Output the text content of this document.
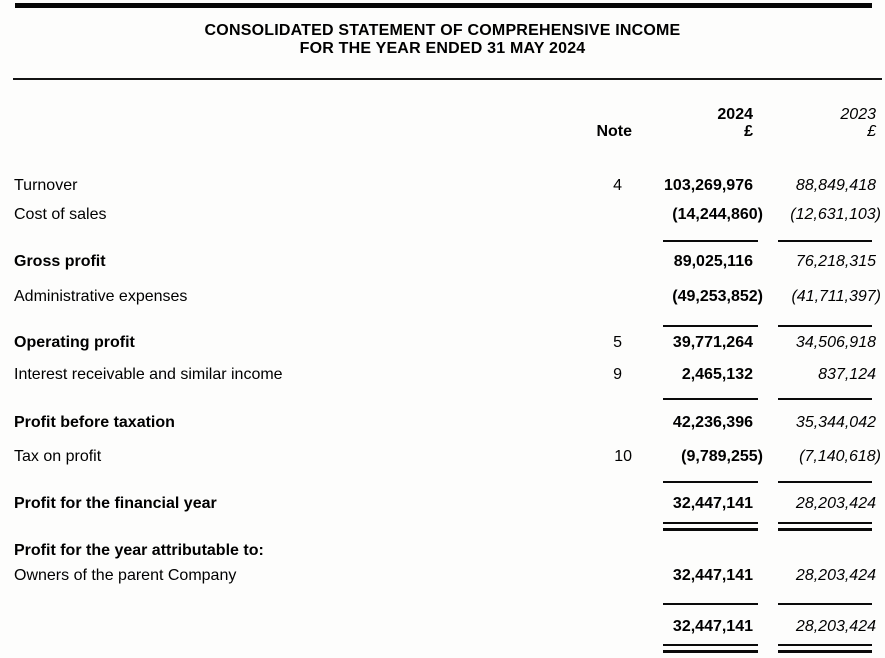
CONSOLIDATED STATEMENT OF COMPREHENSIVE INCOME
FOR THE YEAR ENDED 31 MAY 2024
2024	2023
Note	£	£
Turnover	4	103,269,976	88,849,418
Cost of sales	(14,244,860)	(12,631,103)
Gross profit	89,025,116	76,218,315
Administrative expenses	(49,253,852)	(41,711,397)
Operating profit	5	39,771,264	34,506,918
Interest receivable and similar income	9	2,465,132	837,124
Profit before taxation	42,236,396	35,344,042
Tax on profit	10	(9,789,255)	(7,140,618)
Profit for the financial year	32,447,141	28,203,424
Profit for the year attributable to:
Owners of the parent Company	32,447,141	28,203,424
32,447,141	28,203,424
